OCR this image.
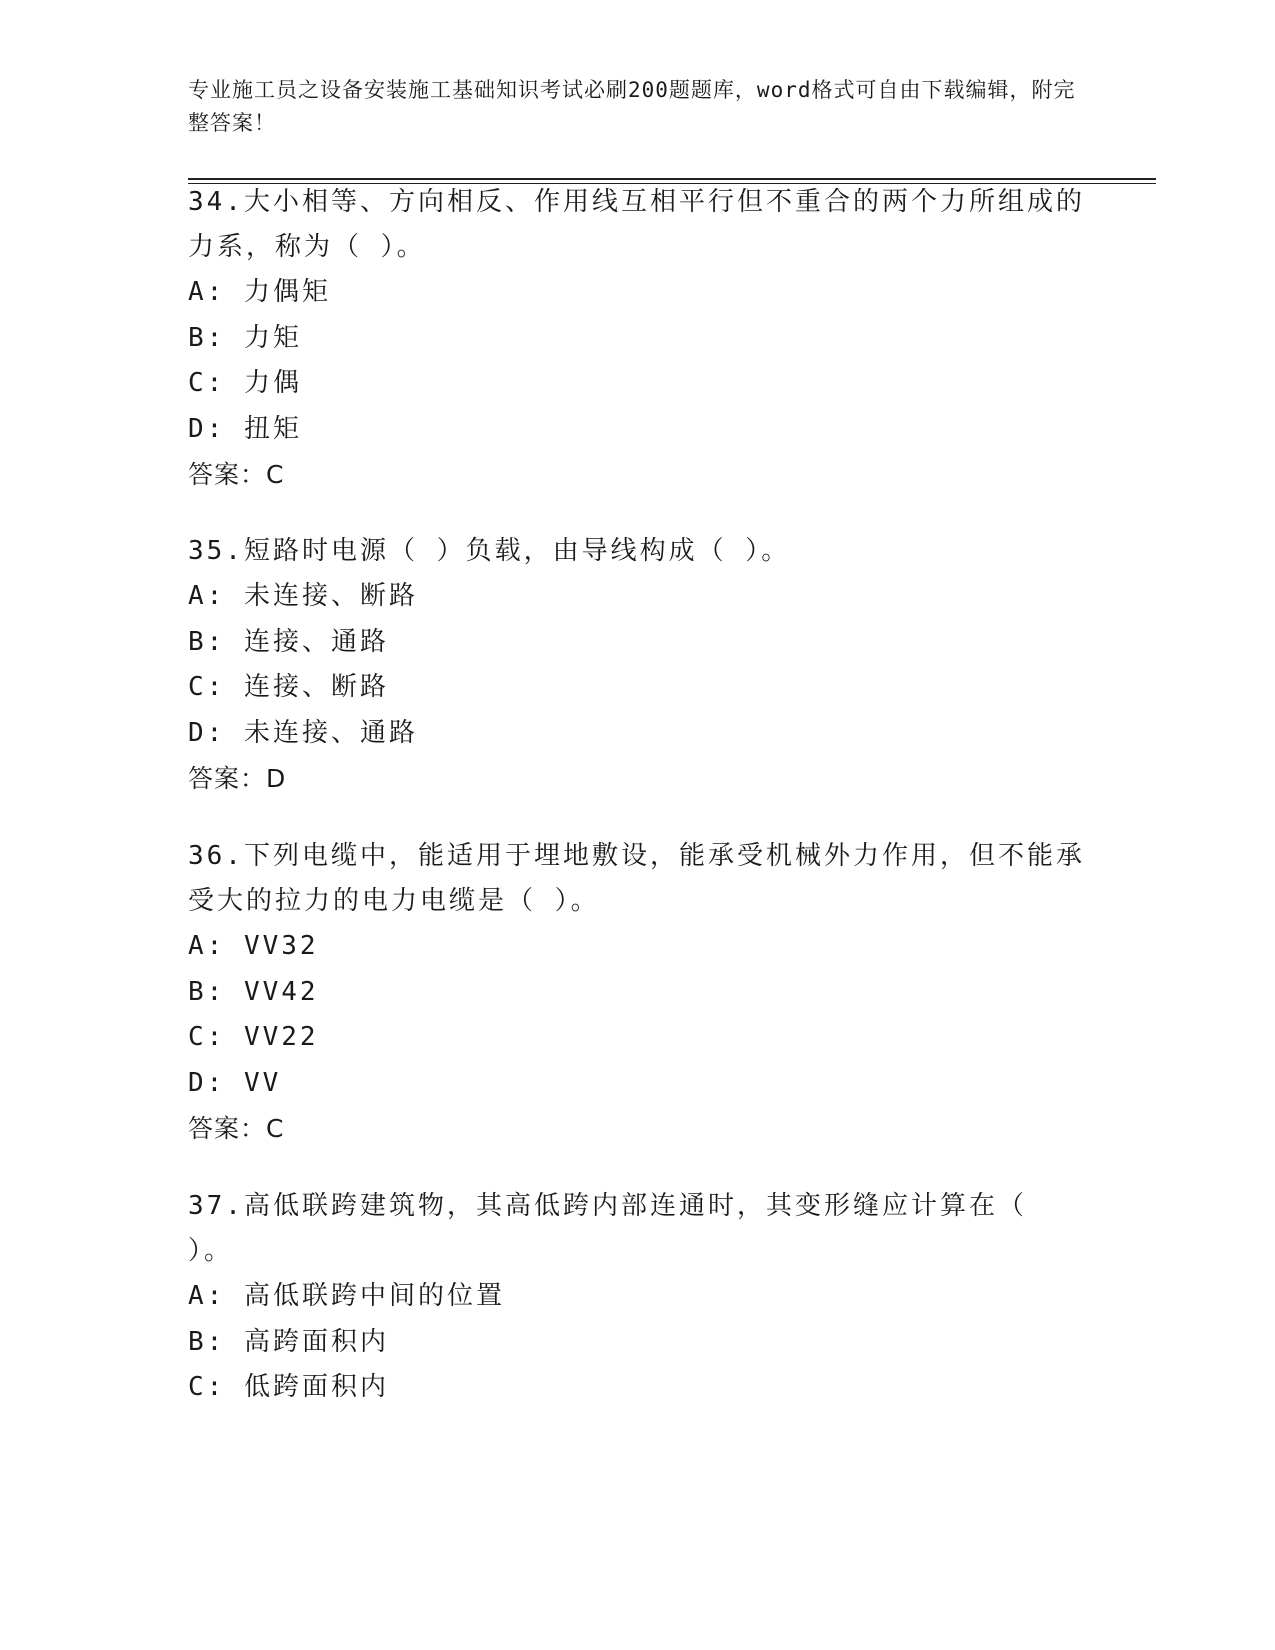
专业施工员之设备安装施工基础知识考试必刷200题题库，word格式可自由下载编辑，附完整答案！

34.大小相等、方向相反、作用线互相平行但不重合的两个力所组成的力系，称为（ ）。

A: 力偶矩

B: 力矩

C: 力偶

D: 扭矩

答案：C

35.短路时电源（ ）负载，由导线构成（ ）。

A: 未连接、断路

B: 连接、通路

C: 连接、断路

D: 未连接、通路

答案：D

36.下列电缆中，能适用于埋地敷设，能承受机械外力作用，但不能承受大的拉力的电力电缆是（ ）。

A: VV32

B: VV42

C: VV22

D: VV

答案：C

37.高低联跨建筑物，其高低跨内部连通时，其变形缝应计算在（ ）。

A: 高低联跨中间的位置

B: 高跨面积内

C: 低跨面积内
